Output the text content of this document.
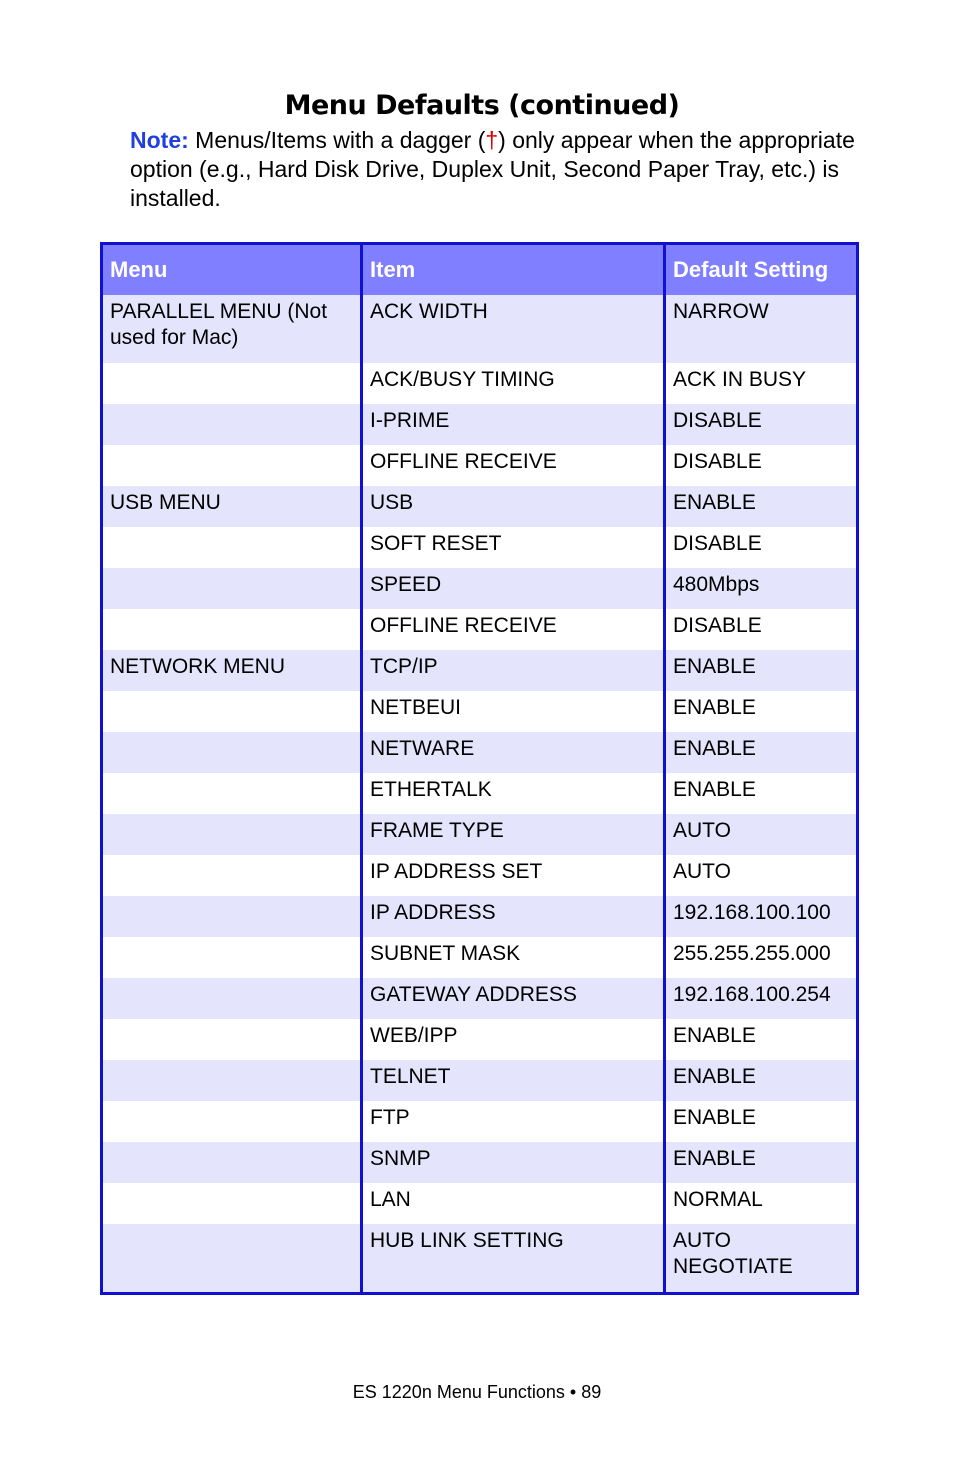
Menu Defaults (continued)
Note: Menus/Items with a dagger (†) only appear when the appropriate option (e.g., Hard Disk Drive, Duplex Unit, Second Paper Tray, etc.) is installed.
Menu	Item	Default Setting
PARALLEL MENU (Not
used for Mac)	ACK WIDTH	NARROW
	ACK/BUSY TIMING	ACK IN BUSY
	I-PRIME	DISABLE
	OFFLINE RECEIVE	DISABLE
USB MENU	USB	ENABLE
	SOFT RESET	DISABLE
	SPEED	480Mbps
	OFFLINE RECEIVE	DISABLE
NETWORK MENU	TCP/IP	ENABLE
	NETBEUI	ENABLE
	NETWARE	ENABLE
	ETHERTALK	ENABLE
	FRAME TYPE	AUTO
	IP ADDRESS SET	AUTO
	IP ADDRESS	192.168.100.100
	SUBNET MASK	255.255.255.000
	GATEWAY ADDRESS	192.168.100.254
	WEB/IPP	ENABLE
	TELNET	ENABLE
	FTP	ENABLE
	SNMP	ENABLE
	LAN	NORMAL
	HUB LINK SETTING	AUTO
NEGOTIATE
ES 1220n Menu Functions • 89
